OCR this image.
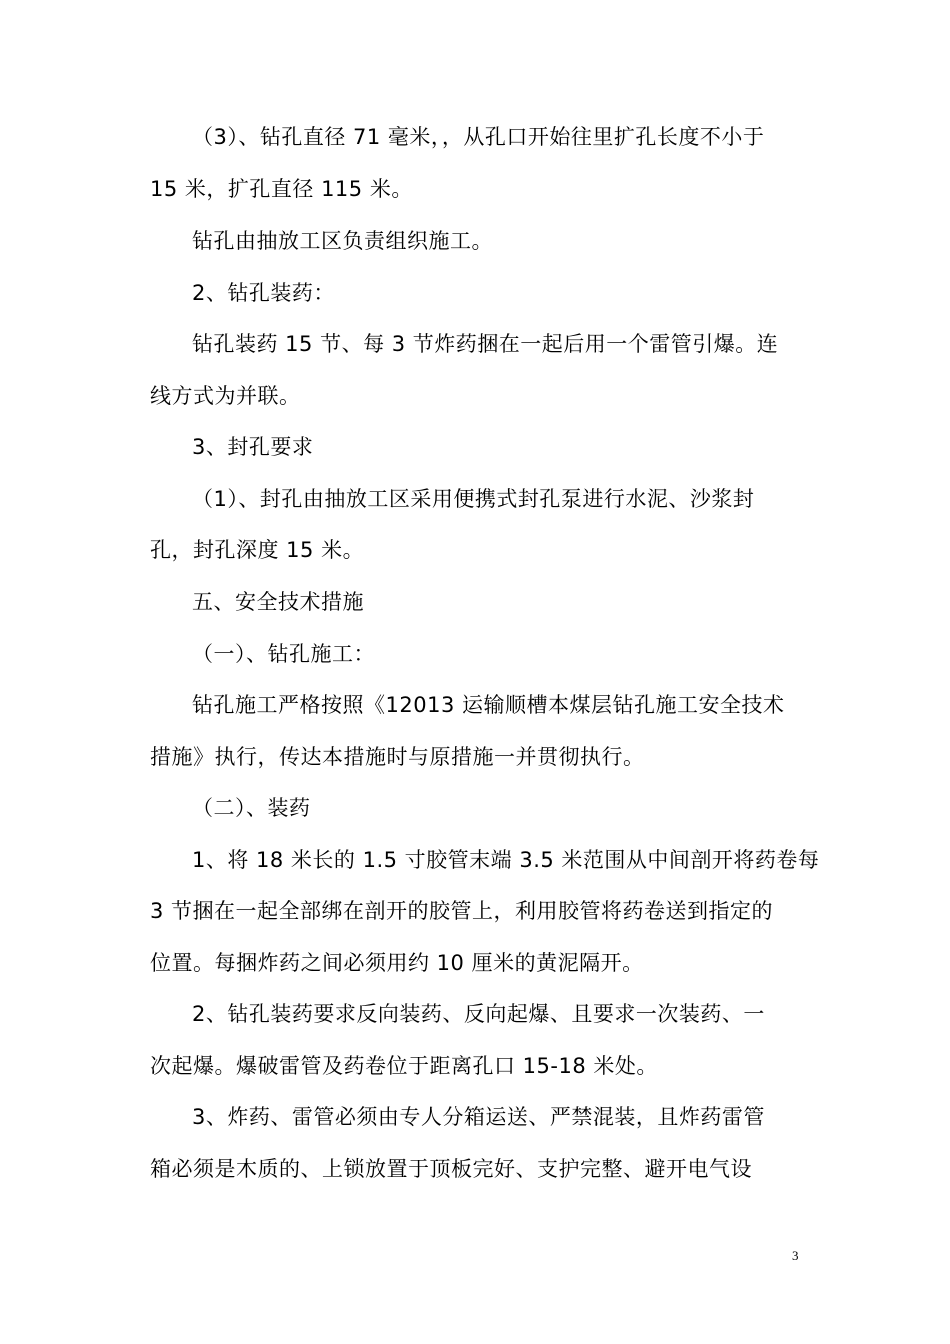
（3）、钻孔直径 71 毫米，，从孔口开始往里扩孔长度不小于
15 米，扩孔直径 115 米。
钻孔由抽放工区负责组织施工。
2、钻孔装药：
钻孔装药 15 节、每 3 节炸药捆在一起后用一个雷管引爆。连
线方式为并联。
3、封孔要求
（1）、封孔由抽放工区采用便携式封孔泵进行水泥、沙浆封
孔，封孔深度 15 米。
五、安全技术措施
（一）、钻孔施工：
钻孔施工严格按照《12013 运输顺槽本煤层钻孔施工安全技术
措施》执行，传达本措施时与原措施一并贯彻执行。
（二）、装药
1、将 18 米长的 1.5 寸胶管末端 3.5 米范围从中间剖开将药卷每
3 节捆在一起全部绑在剖开的胶管上，利用胶管将药卷送到指定的
位置。每捆炸药之间必须用约 10 厘米的黄泥隔开。
2、钻孔装药要求反向装药、反向起爆、且要求一次装药、一
次起爆。爆破雷管及药卷位于距离孔口 15-18 米处。
3、炸药、雷管必须由专人分箱运送、严禁混装，且炸药雷管
箱必须是木质的、上锁放置于顶板完好、支护完整、避开电气设
3
